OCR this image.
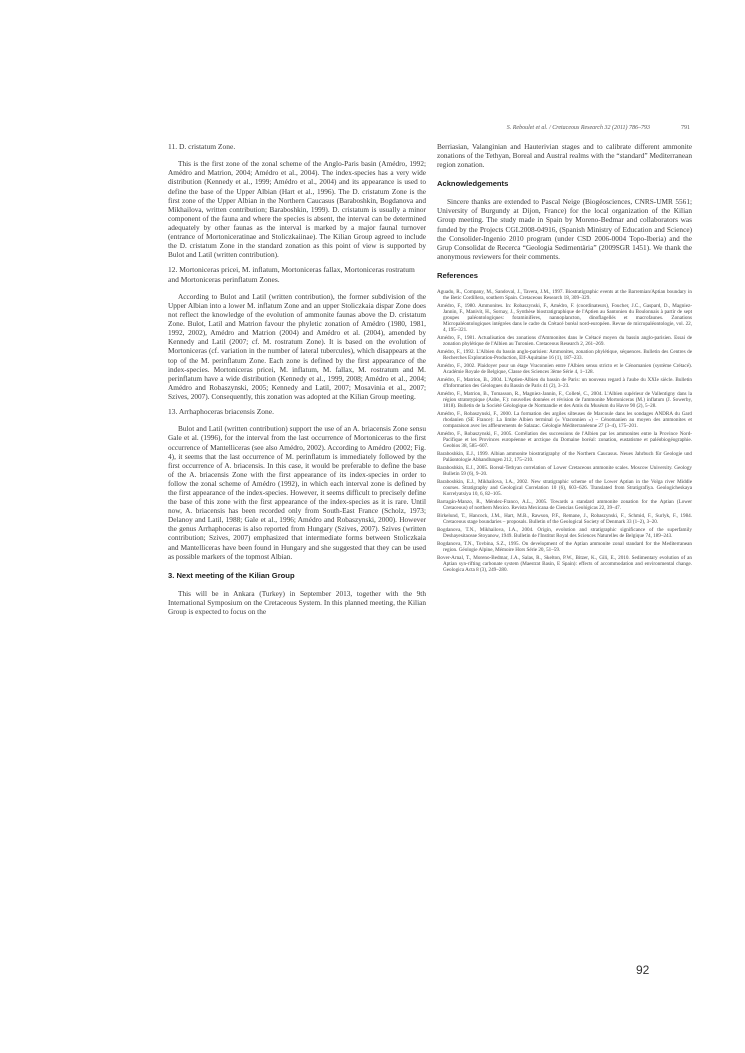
S. Reboulet et al. / Cretaceous Research 32 (2011) 786–793	791
11. D. cristatum Zone.

This is the first zone of the zonal scheme of the Anglo-Paris basin (Amédro, 1992; Amédro and Matrion, 2004; Amédro et al., 2004). The index-species has a very wide distribution (Kennedy et al., 1999; Amédro et al., 2004) and its appearance is used to define the base of the Upper Albian (Hart et al., 1996). The D. cristatum Zone is the first zone of the Upper Albian in the Northern Caucasus (Baraboshkin, Bogdanova and Mikhailova, written contribution; Baraboshkin, 1999). D. cristatum is usually a minor component of the fauna and where the species is absent, the interval can be determined adequately by other faunas as the interval is marked by a major faunal turnover (entrance of Mortoniceratinae and Stoliczkaiinae). The Kilian Group agreed to include the D. cristatum Zone in the standard zonation as this point of view is supported by Bulot and Latil (written contribution).

12. Mortoniceras pricei, M. inflatum, Mortoniceras fallax, Mortoniceras rostratum and Mortoniceras perinflatum Zones.

According to Bulot and Latil (written contribution), the former subdivision of the Upper Albian into a lower M. inflatum Zone and an upper Stoliczkaia dispar Zone does not reflect the knowledge of the evolution of ammonite faunas above the D. cristatum Zone. Bulot, Latil and Matrion favour the phyletic zonation of Amédro (1980, 1981, 1992, 2002), Amédro and Matrion (2004) and Amédro et al. (2004), amended by Kennedy and Latil (2007; cf. M. rostratum Zone). It is based on the evolution of Mortoniceras (cf. variation in the number of lateral tubercules), which disappears at the top of the M. perinflatum Zone. Each zone is defined by the first appearance of the index-species. Mortoniceras pricei, M. inflatum, M. fallax, M. rostratum and M. perinflatum have a wide distribution (Kennedy et al., 1999, 2008; Amédro et al., 2004; Amédro and Robaszynski, 2005; Kennedy and Latil, 2007; Mosavinia et al., 2007; Szives, 2007). Consequently, this zonation was adopted at the Kilian Group meeting.

13. Arrhaphoceras briacensis Zone.

Bulot and Latil (written contribution) support the use of an A. briacensis Zone sensu Gale et al. (1996), for the interval from the last occurrence of Mortoniceras to the first occurrence of Mantelliceras (see also Amédro, 2002). According to Amédro (2002; Fig. 4), it seems that the last occurrence of M. perinflatum is immediately followed by the first occurrence of A. briacensis. In this case, it would be preferable to define the base of the A. briacensis Zone with the first appearance of its index-species in order to follow the zonal scheme of Amédro (1992), in which each interval zone is defined by the first appearance of the index-species. However, it seems difficult to precisely define the base of this zone with the first appearance of the index-species as it is rare. Until now, A. briacensis has been recorded only from South-East France (Scholz, 1973; Delanoy and Latil, 1988; Gale et al., 1996; Amédro and Robaszynski, 2000). However the genus Arrhaphoceras is also reported from Hungary (Szives, 2007). Szives (written contribution; Szives, 2007) emphasized that intermediate forms between Stoliczkaia and Mantelliceras have been found in Hungary and she suggested that they can be used as possible markers of the topmost Albian.

3. Next meeting of the Kilian Group

This will be in Ankara (Turkey) in September 2013, together with the 9th International Symposium on the Cretaceous System. In this planned meeting, the Kilian Group is expected to focus on the

Berriasian, Valanginian and Hauterivian stages and to calibrate different ammonite zonations of the Tethyan, Boreal and Austral realms with the “standard” Mediterranean region zonation.

Acknowledgements

Sincere thanks are extended to Pascal Neige (Biogéosciences, CNRS-UMR 5561; University of Burgundy at Dijon, France) for the local organization of the Kilian Group meeting. The study made in Spain by Moreno-Bedmar and collaborators was funded by the Projects CGL2008-04916, (Spanish Ministry of Education and Science) the Consolider-Ingenio 2010 program (under CSD 2006-0004 Topo-Iberia) and the Grup Consolidat de Recerca “Geologia Sedimentària” (2009SGR 1451). We thank the anonymous reviewers for their comments.

References
Aguado, R., Company, M., Sandoval, J., Tavera, J.M., 1997. Biostratigraphic events at the Barremian/Aptian boundary in the Betic Cordillera, southern Spain. Cretaceous Research 18, 309–329.
Amédro, F., 1980. Ammonites. In: Robaszynski, F., Amédro, F. (coordinateurs), Foucher, J.C., Gaspard, D., Magniez-Jannin, F., Manivit, H., Sornay, J., Synthèse biostratigraphique de l'Aptien au Santonien du Boulonnais à partir de sept groupes paléontologiques: foraminifères, nannoplancton, dinoflagellés et macrofaunes. Zonations Micropaléontologiques intégrées dans le cadre du Crétacé boréal nord-européen. Revue de micropaléontologie, vol. 22, 4, 195–321.
Amédro, F., 1981. Actualisation des zonations d'Ammonites dans le Crétacé moyen du bassin anglo-parisien. Essai de zonation phylétique de l'Albien au Turonien. Cretaceous Research 2, 261–269.
Amédro, F., 1992. L'Albien du bassin anglo-parisien: Ammonites, zonation phylétique, séquences. Bulletin des Centres de Recherches Exploration-Production, Elf-Aquitaine 16 (1), 187–233.
Amédro, F., 2002. Plaidoyer pour un étage Vraconnien entre l'Albien sensu stricto et le Cénomanien (système Crétacé). Académie Royale de Belgique, Classe des Sciences 3ème Série 4, 1–128.
Amédro, F., Matrion, B., 2004. L'Aptien-Albien du bassin de Paris: un nouveau regard à l'aube du XXIe siècle. Bulletin d'Information des Géologues du Bassin de Paris 41 (2), 3–23.
Amédro, F., Matrion, B., Tomasson, R., Magniez-Jannin, F., Colleté, C., 2004. L'Albien supérieur de Vallentigny dans la région stratotypique (Aube, F.): nouvelles données et révision de l'ammonite Mortoniceras (M.) inflatum (J. Sowerby, 1818). Bulletin de la Société Géologique de Normandie et des Amis du Muséum du Havre 90 (2), 5–28.
Amédro, F., Robaszynski, F., 2000. La formation des argiles silteuses de Marcoule dans les sondages ANDRA du Gard rhodanien (SE France): La limite Albien terminal (« Vraconnien ») – Cénomanien au moyen des ammonites et comparaison avec les affleurements de Salazac. Géologie Méditerranéenne 27 (3–4), 175–201.
Amédro, F., Robaszynski, F., 2005. Corrélation des successions de l'Albien par les ammonites entre la Province Nord-Pacifique et les Provinces européenne et arctique du Domaine boréal: zonation, eustatisme et paléobiogéographie. Geobios 38, 585–607.
Baraboshkin, E.J., 1999. Albian ammonite biostratigraphy of the Northern Caucasus. Neues Jahrbuch für Geologie und Paläontologie Abhandlungen 212, 175–210.
Baraboshkin, E.J., 2005. Boreal-Tethyan correlation of Lower Cretaceous ammonite scales. Moscow University. Geology Bulletin 59 (6), 9–20.
Baraboshkin, E.J., Mikhailova, I.A., 2002. New stratigraphic scheme of the Lower Aptian in the Volga river Middle courses. Stratigraphy and Geological Correlation 10 (6), 603–626. Translated from Stratigrafiya. Geologicheskaya Korrelyatsiya 10, 6, 82–105.
Barragán-Manzo, R., Méndez-Franco, A.L., 2005. Towards a standard ammonite zonation for the Aptian (Lower Cretaceous) of northern Mexico. Revista Mexicana de Ciencias Geológicas 22, 39–47.
Birkelund, T., Hancock, J.M., Hart, M.B., Rawson, P.F., Remane, J., Robaszynski, F., Schmid, F., Surlyk, F., 1984. Cretaceous stage boundaries – proposals. Bulletin of the Geological Society of Denmark 33 (1–2), 3–20.
Bogdanova, T.N., Mikhailova, I.A., 2004. Origin, evolution and stratigraphic significance of the superfamily Deshayesitaceae Stoyanow, 1949. Bulletin de l'Institut Royal des Sciences Naturelles de Belgique 74, 189–243.
Bogdanova, T.N., Tovbina, S.Z., 1995. On development of the Aptian ammonite zonal standard for the Mediterranean region. Géologie Alpine, Mémoire Hors Série 20, 51–59.
Bover-Arnal, T., Moreno-Bedmar, J.A., Salas, R., Skelton, P.W., Bitzer, K., Gili, E., 2010. Sedimentary evolution of an Aptian syn-rifting carbonate system (Maestrat Basin, E Spain): effects of accommodation and environmental change. Geologica Acta 8 (3), 249–280.
92
